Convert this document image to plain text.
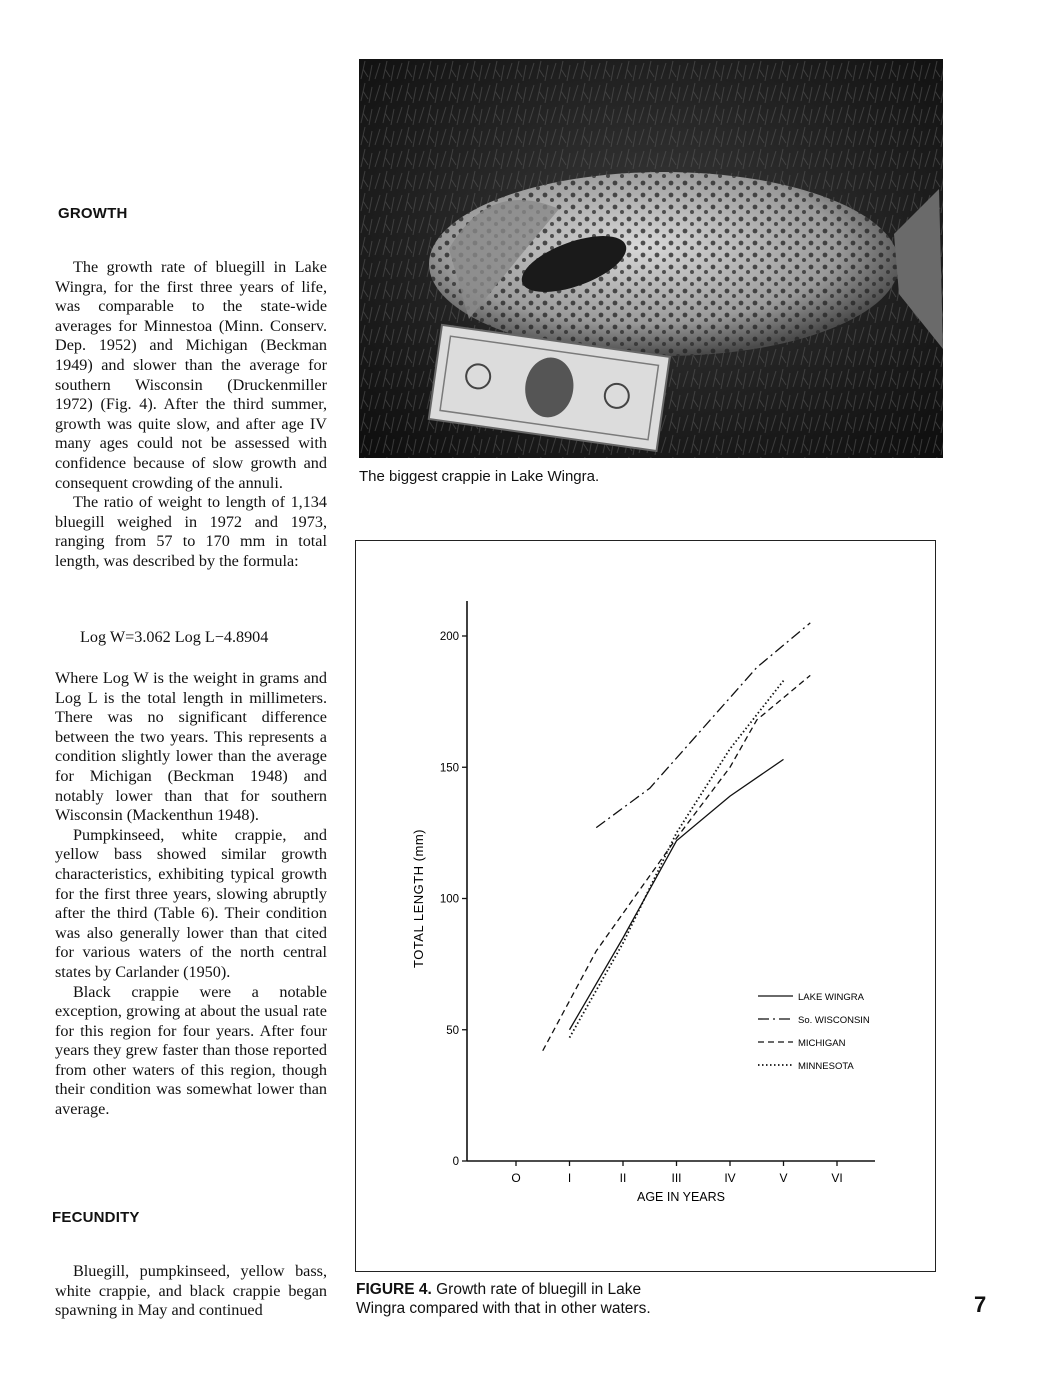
GROWTH

The growth rate of bluegill in Lake Wingra, for the first three years of life, was comparable to the state-wide averages for Minnestoa (Minn. Conserv. Dep. 1952) and Michigan (Beckman 1949) and slower than the average for southern Wisconsin (Druckenmiller 1972) (Fig. 4). After the third summer, growth was quite slow, and after age IV many ages could not be assessed with confidence because of slow growth and consequent crowding of the annuli.

The ratio of weight to length of 1,134 bluegill weighed in 1972 and 1973, ranging from 57 to 170 mm in total length, was described by the formula:

Log W=3.062 Log L−4.8904

Where Log W is the weight in grams and Log L is the total length in millimeters. There was no significant difference between the two years. This represents a condition slightly lower than the average for Michigan (Beckman 1948) and notably lower than that for southern Wisconsin (Mackenthun 1948).

Pumpkinseed, white crappie, and yellow bass showed similar growth characteristics, exhibiting typical growth for the first three years, slowing abruptly after the third (Table 6). Their condition was also generally lower than that cited for various waters of the north central states by Carlander (1950).

Black crappie were a notable exception, growing at about the usual rate for this region for four years. After four years they grew faster than those reported from other waters of this region, though their condition was somewhat lower than average.

FECUNDITY

Bluegill, pumpkinseed, yellow bass, white crappie, and black crappie began spawning in May and continued

The biggest crappie in Lake Wingra.
0
50
100
150
200
O	I	II	III	IV	V	VI
LAKE WINGRA
So. WISCONSIN
MICHIGAN
MINNESOTA
AGE IN YEARS
TOTAL LENGTH (mm)
FIGURE 4. Growth rate of bluegill in Lake
Wingra compared with that in other waters.	7
